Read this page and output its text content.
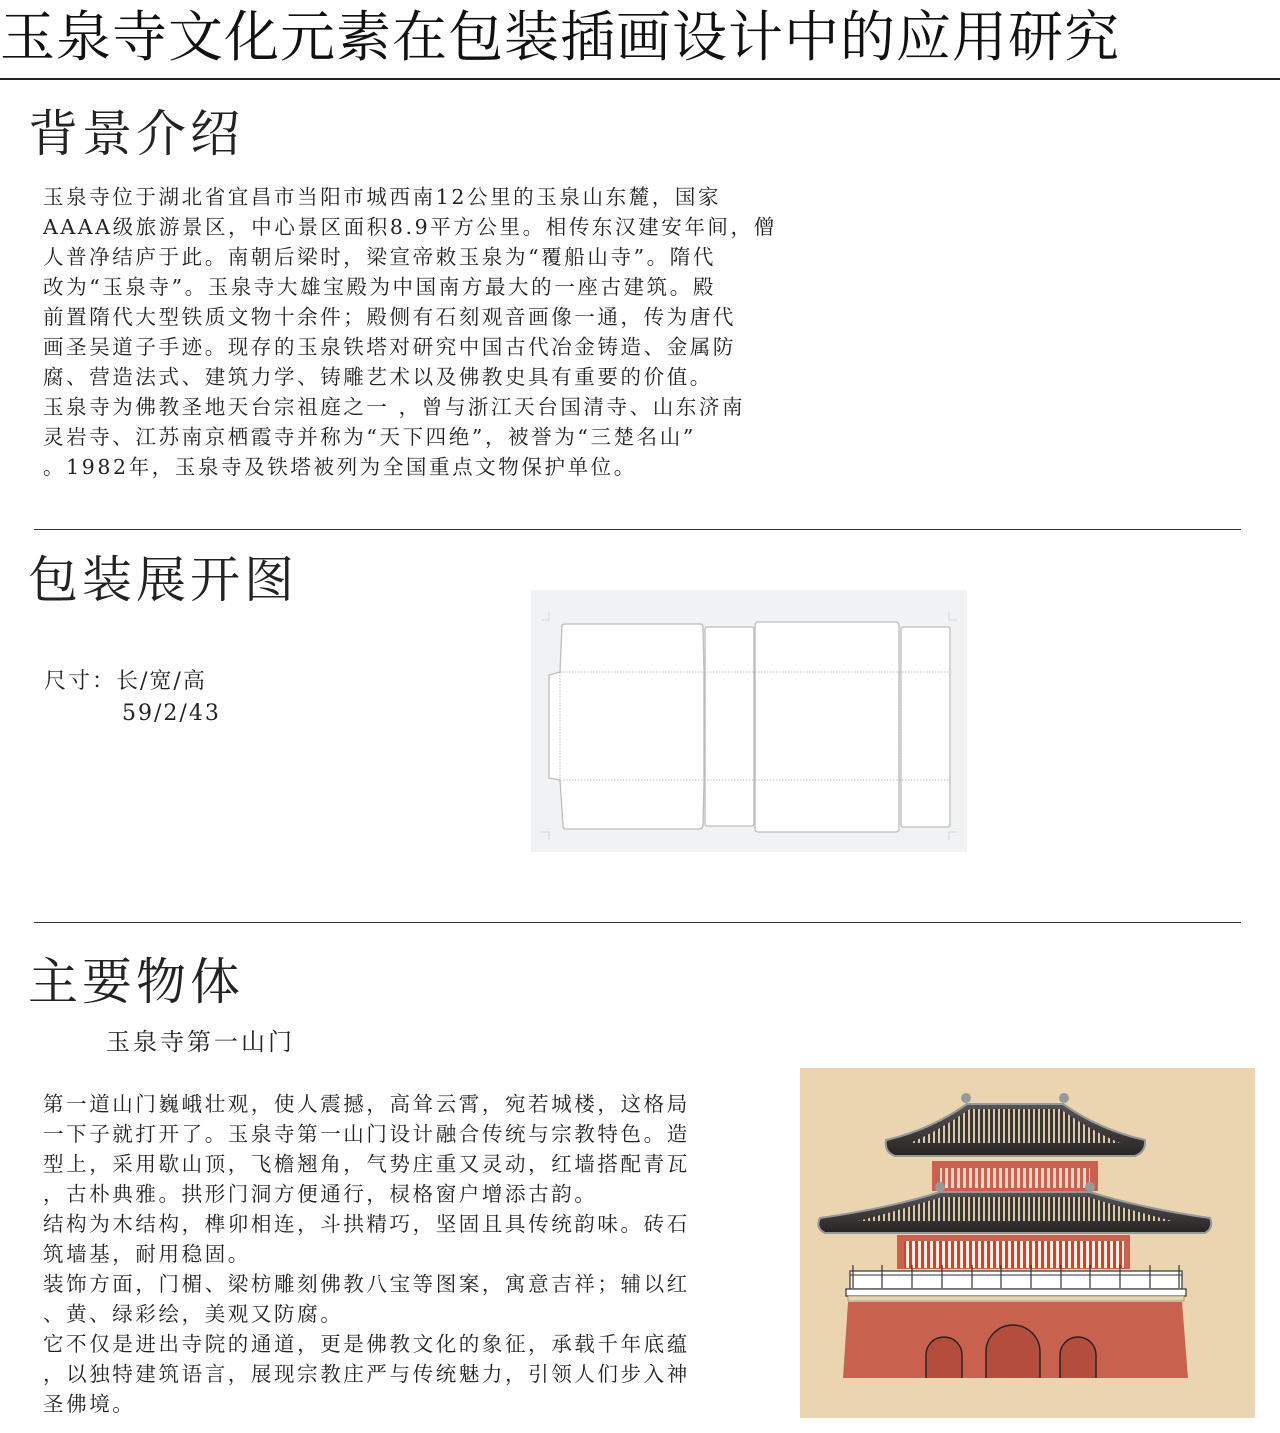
玉泉寺文化元素在包装插画设计中的应用研究
背景介绍
玉泉寺位于湖北省宜昌市当阳市城西南12公里的玉泉山东麓，国家
AAAA级旅游景区，中心景区面积8.9平方公里。相传东汉建安年间，僧
人普净结庐于此。南朝后梁时，梁宣帝敕玉泉为“覆船山寺”。隋代
改为“玉泉寺”。玉泉寺大雄宝殿为中国南方最大的一座古建筑。殿
前置隋代大型铁质文物十余件；殿侧有石刻观音画像一通，传为唐代
画圣吴道子手迹。现存的玉泉铁塔对研究中国古代冶金铸造、金属防
腐、营造法式、建筑力学、铸雕艺术以及佛教史具有重要的价值。
玉泉寺为佛教圣地天台宗祖庭之一 ，曾与浙江天台国清寺、山东济南
灵岩寺、江苏南京栖霞寺并称为“天下四绝”，被誉为“三楚名山”
。1982年，玉泉寺及铁塔被列为全国重点文物保护单位。
包装展开图
尺寸：长/宽/高
59/2/43
主要物体
玉泉寺第一山门
第一道山门巍峨壮观，使人震撼，高耸云霄，宛若城楼，这格局
一下子就打开了。玉泉寺第一山门设计融合传统与宗教特色。造
型上，采用歇山顶，飞檐翘角，气势庄重又灵动，红墙搭配青瓦
，古朴典雅。拱形门洞方便通行，棂格窗户增添古韵。
结构为木结构，榫卯相连，斗拱精巧，坚固且具传统韵味。砖石
筑墙基，耐用稳固。
装饰方面，门楣、梁枋雕刻佛教八宝等图案，寓意吉祥；辅以红
、黄、绿彩绘，美观又防腐。
它不仅是进出寺院的通道，更是佛教文化的象征，承载千年底蕴
，以独特建筑语言，展现宗教庄严与传统魅力，引领人们步入神
圣佛境。
